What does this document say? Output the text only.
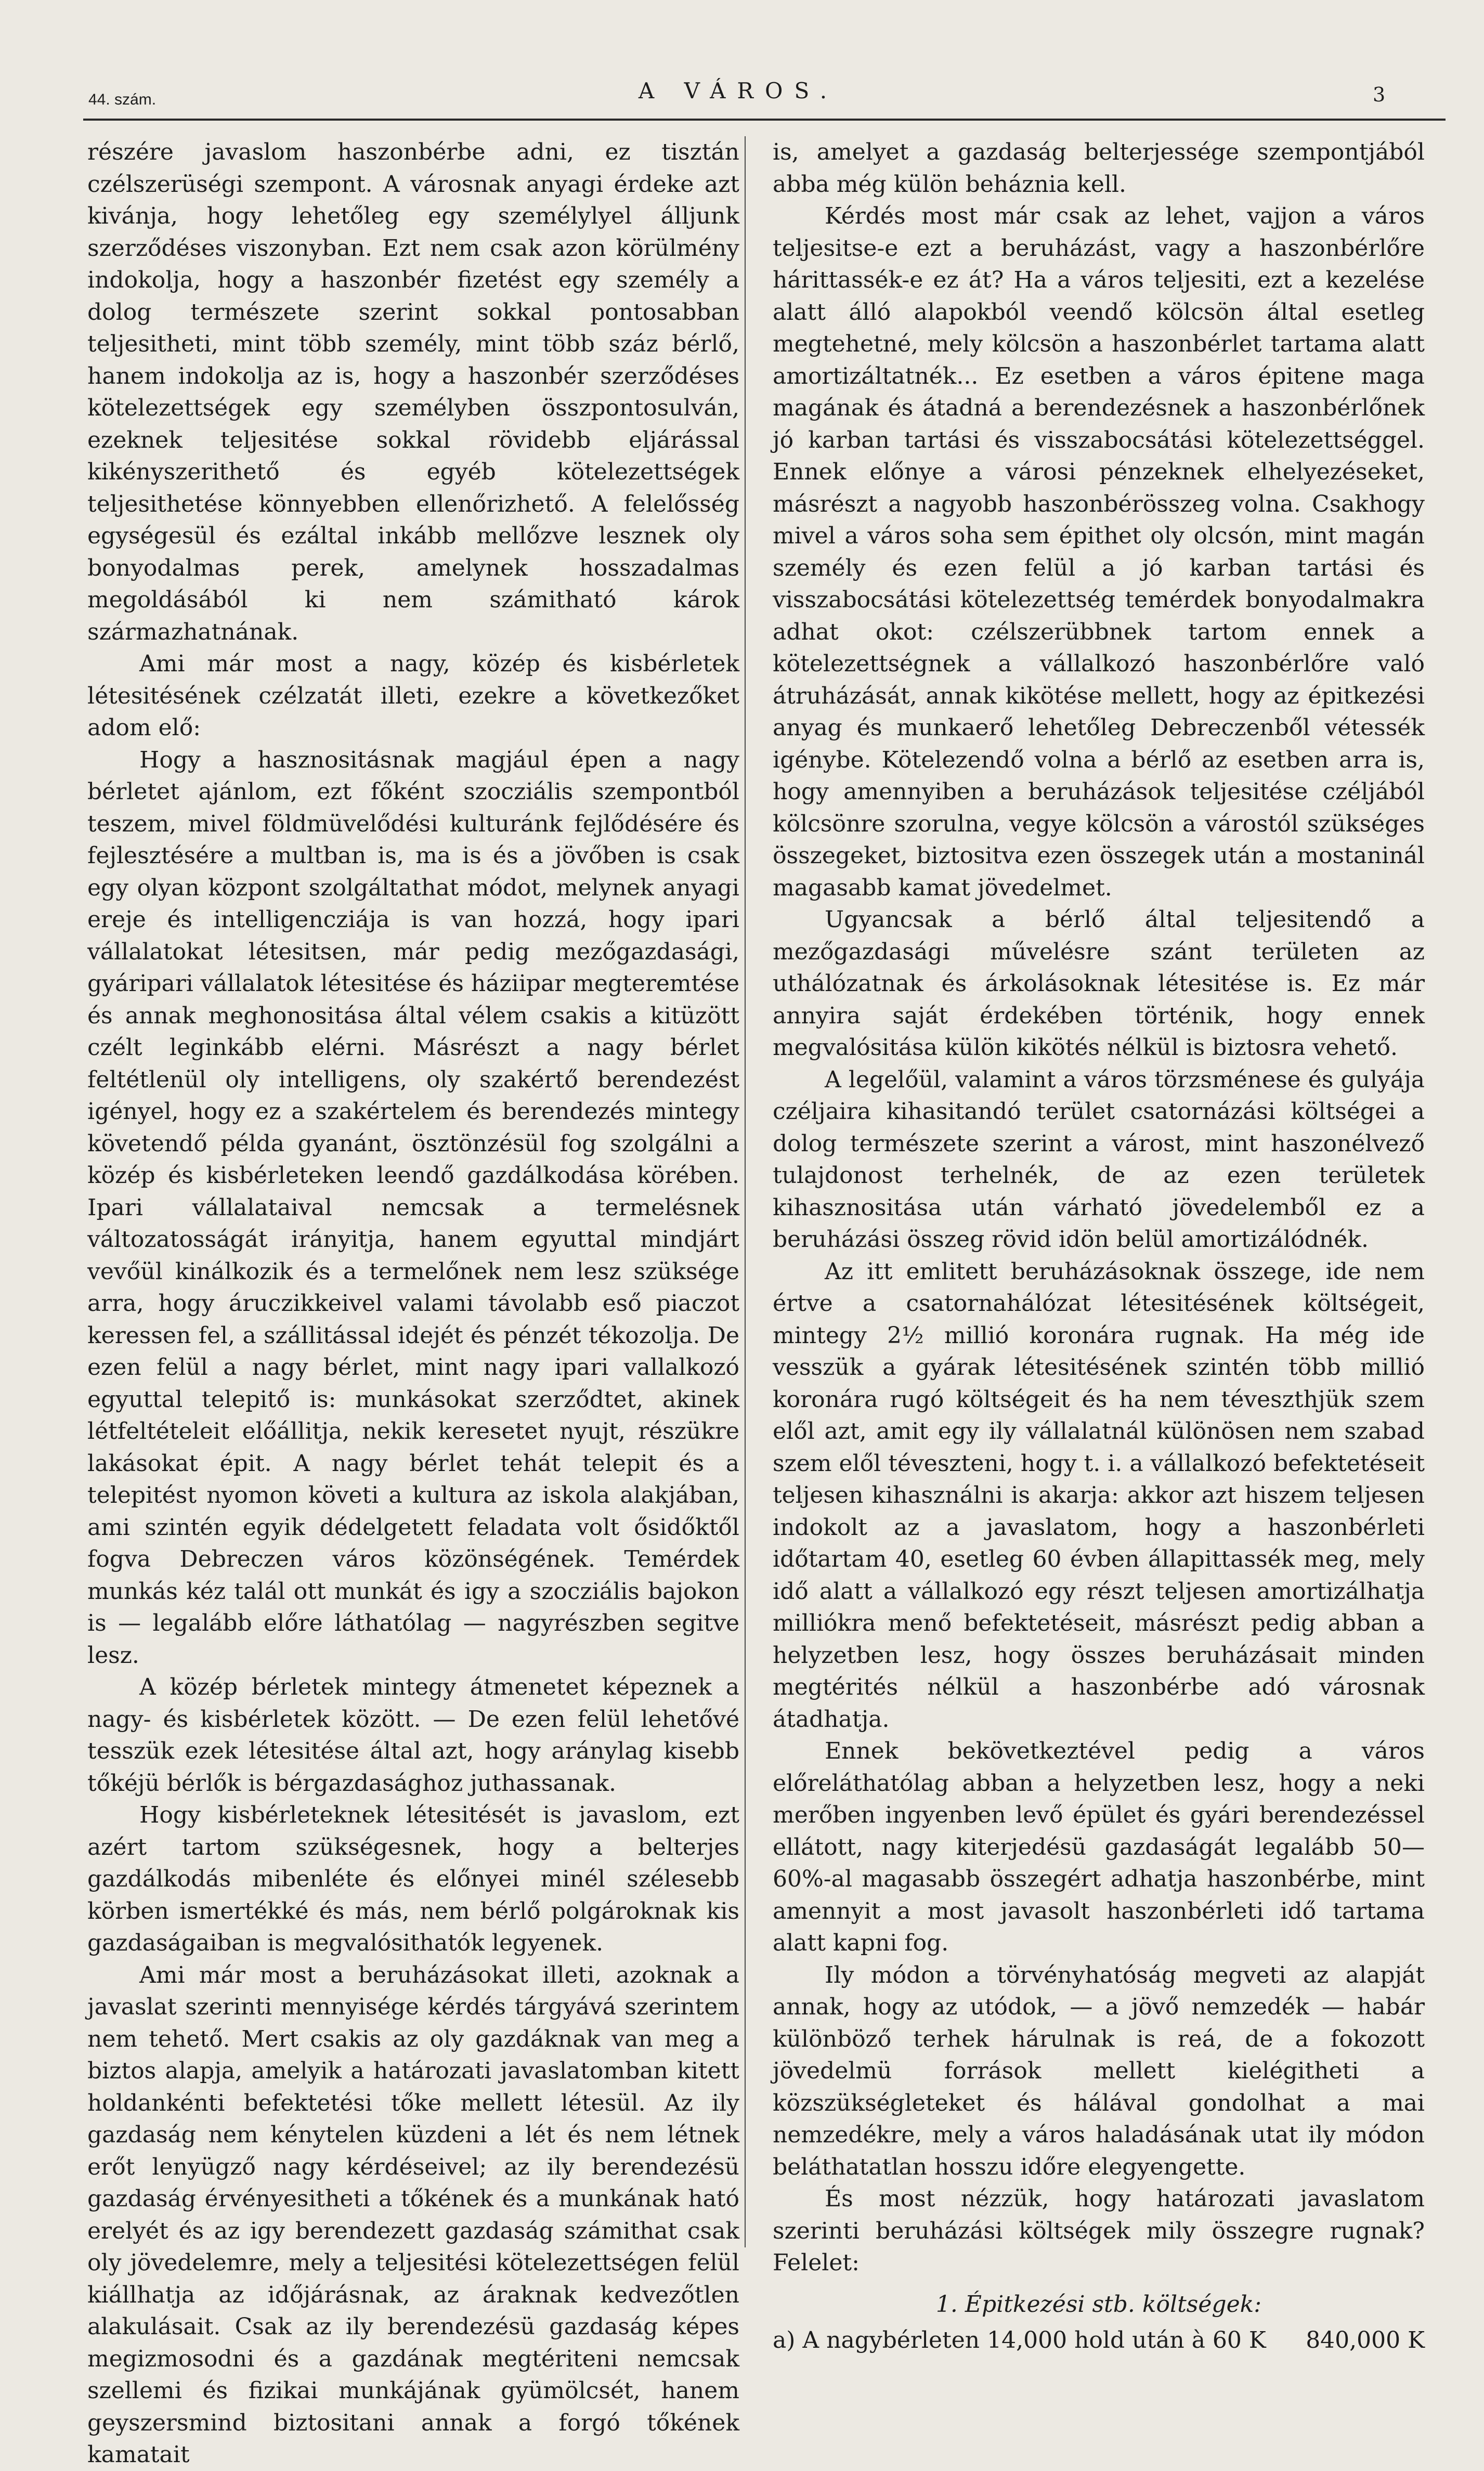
44. szám.	A VÁROS.	3

részére javaslom haszonbérbe adni, ez tisztán czélszerüségi szempont. A városnak anyagi érdeke azt kivánja, hogy lehetőleg egy személylyel álljunk szerződéses viszonyban. Ezt nem csak azon körülmény indokolja, hogy a haszonbér fizetést egy személy a dolog természete szerint sokkal pontosabban teljesitheti, mint több személy, mint több száz bérlő, hanem indokolja az is, hogy a haszonbér szerződéses kötelezettségek egy személyben összpontosulván, ezeknek teljesitése sokkal rövidebb eljárással kikényszerithető és egyéb kötelezettségek teljesithetése könnyebben ellenőrizhető. A felelősség egységesül és ezáltal inkább mellőzve lesznek oly bonyodalmas perek, amelynek hosszadalmas megoldásából ki nem számitható károk származhatnának.

Ami már most a nagy, közép és kisbérletek létesitésének czélzatát illeti, ezekre a következőket adom elő:

Hogy a hasznositásnak magjául épen a nagy bérletet ajánlom, ezt főként szocziális szempontból teszem, mivel földmüvelődési kulturánk fejlődésére és fejlesztésére a multban is, ma is és a jövőben is csak egy olyan központ szolgáltathat módot, melynek anyagi ereje és intelligencziája is van hozzá, hogy ipari vállalatokat létesitsen, már pedig mezőgazdasági, gyáripari vállalatok létesitése és háziipar megteremtése és annak meghonositása által vélem csakis a kitüzött czélt leginkább elérni. Másrészt a nagy bérlet feltétlenül oly intelligens, oly szakértő berendezést igényel, hogy ez a szakértelem és berendezés mintegy követendő példa gyanánt, ösztönzésül fog szolgálni a közép és kisbérleteken leendő gazdálkodása körében. Ipari vállalataival nemcsak a termelésnek változatosságát irányitja, hanem egyuttal mindjárt vevőül kinálkozik és a termelőnek nem lesz szüksége arra, hogy áruczikkeivel valami távolabb eső piaczot keressen fel, a szállitással idejét és pénzét tékozolja. De ezen felül a nagy bérlet, mint nagy ipari vallalkozó egyuttal telepitő is: munkásokat szerződtet, akinek létfeltételeit előállitja, nekik keresetet nyujt, részükre lakásokat épit. A nagy bérlet tehát telepit és a telepitést nyomon követi a kultura az iskola alakjában, ami szintén egyik dédelgetett feladata volt ősidőktől fogva Debreczen város közönségének. Temérdek munkás kéz talál ott munkát és igy a szocziális bajokon is — legalább előre láthatólag — nagyrészben segitve lesz.

A közép bérletek mintegy átmenetet képeznek a nagy- és kisbérletek között. — De ezen felül lehetővé tesszük ezek létesitése által azt, hogy aránylag kisebb tőkéjü bérlők is bérgazdasághoz juthassanak.

Hogy kisbérleteknek létesitését is javaslom, ezt azért tartom szükségesnek, hogy a belterjes gazdálkodás mibenléte és előnyei minél szélesebb körben ismertékké és más, nem bérlő polgároknak kis gazdaságaiban is megvalósithatók legyenek.

Ami már most a beruházásokat illeti, azoknak a javaslat szerinti mennyisége kérdés tárgyává szerintem nem tehető. Mert csakis az oly gazdáknak van meg a biztos alapja, amelyik a határozati javaslatomban kitett holdankénti befektetési tőke mellett létesül. Az ily gazdaság nem kénytelen küzdeni a lét és nem létnek erőt lenyügző nagy kérdéseivel; az ily berendezésü gazdaság érvényesitheti a tőkének és a munkának ható erelyét és az igy berendezett gazdaság számithat csak oly jövedelemre, mely a teljesitési kötelezettségen felül kiállhatja az időjárásnak, az áraknak kedvezőtlen alakulásait. Csak az ily berendezésü gazdaság képes megizmosodni és a gazdának megtériteni nemcsak szellemi és fizikai munkájának gyümölcsét, hanem geyszersmind biztositani annak a forgó tőkének kamatait

is, amelyet a gazdaság belterjessége szempontjából abba még külön beháznia kell.

Kérdés most már csak az lehet, vajjon a város teljesitse-e ezt a beruházást, vagy a haszonbérlőre hárittassék-e ez át? Ha a város teljesiti, ezt a kezelése alatt álló alapokból veendő kölcsön által esetleg megtehetné, mely kölcsön a haszonbérlet tartama alatt amortizáltatnék... Ez esetben a város épitene maga magának és átadná a berendezésnek a haszonbérlőnek jó karban tartási és visszabocsátási kötelezettséggel. Ennek előnye a városi pénzeknek elhelyezéseket, másrészt a nagyobb haszonbérösszeg volna. Csakhogy mivel a város soha sem épithet oly olcsón, mint magán személy és ezen felül a jó karban tartási és visszabocsátási kötelezettség temérdek bonyodalmakra adhat okot: czélszerübbnek tartom ennek a kötelezettségnek a vállalkozó haszonbérlőre való átruházását, annak kikötése mellett, hogy az épitkezési anyag és munkaerő lehetőleg Debreczenből vétessék igénybe. Kötelezendő volna a bérlő az esetben arra is, hogy amennyiben a beruházások teljesitése czéljából kölcsönre szorulna, vegye kölcsön a várostól szükséges összegeket, biztositva ezen összegek után a mostaninál magasabb kamat jövedelmet.

Ugyancsak a bérlő által teljesitendő a mezőgazdasági művelésre szánt területen az uthálózatnak és árkolásoknak létesitése is. Ez már annyira saját érdekében történik, hogy ennek megvalósitása külön kikötés nélkül is biztosra vehető.

A legelőül, valamint a város törzsménese és gulyája czéljaira kihasitandó terület csatornázási költségei a dolog természete szerint a várost, mint haszonélvező tulajdonost terhelnék, de az ezen területek kihasznositása után várható jövedelemből ez a beruházási összeg rövid idön belül amortizálódnék.

Az itt emlitett beruházásoknak összege, ide nem értve a csatornahálózat létesitésének költségeit, mintegy 2½ millió koronára rugnak. Ha még ide vesszük a gyárak létesitésének szintén több millió koronára rugó költségeit és ha nem téveszthjük szem elől azt, amit egy ily vállalatnál különösen nem szabad szem elől téveszteni, hogy t. i. a vállalkozó befektetéseit teljesen kihasználni is akarja: akkor azt hiszem teljesen indokolt az a javaslatom, hogy a haszonbérleti időtartam 40, esetleg 60 évben állapittassék meg, mely idő alatt a vállalkozó egy részt teljesen amortizálhatja milliókra menő befektetéseit, másrészt pedig abban a helyzetben lesz, hogy összes beruházásait minden megtérités nélkül a haszonbérbe adó városnak átadhatja.

Ennek bekövetkeztével pedig a város előreláthatólag abban a helyzetben lesz, hogy a neki merőben ingyenben levő épület és gyári berendezéssel ellátott, nagy kiterjedésü gazdaságát legalább 50—60%-al magasabb összegért adhatja haszonbérbe, mint amennyit a most javasolt haszonbérleti idő tartama alatt kapni fog.

Ily módon a törvényhatóság megveti az alapját annak, hogy az utódok, — a jövő nemzedék — habár különböző terhek hárulnak is reá, de a fokozott jövedelmü források mellett kielégitheti a közszükségleteket és hálával gondolhat a mai nemzedékre, mely a város haladásának utat ily módon beláthatatlan hosszu időre elegyengette.

És most nézzük, hogy határozati javaslatom szerinti beruházási költségek mily összegre rugnak? Felelet:

1. Épitkezési stb. költségek:
a) A nagybérleten 14,000 hold után à 60 K 840,000 K
